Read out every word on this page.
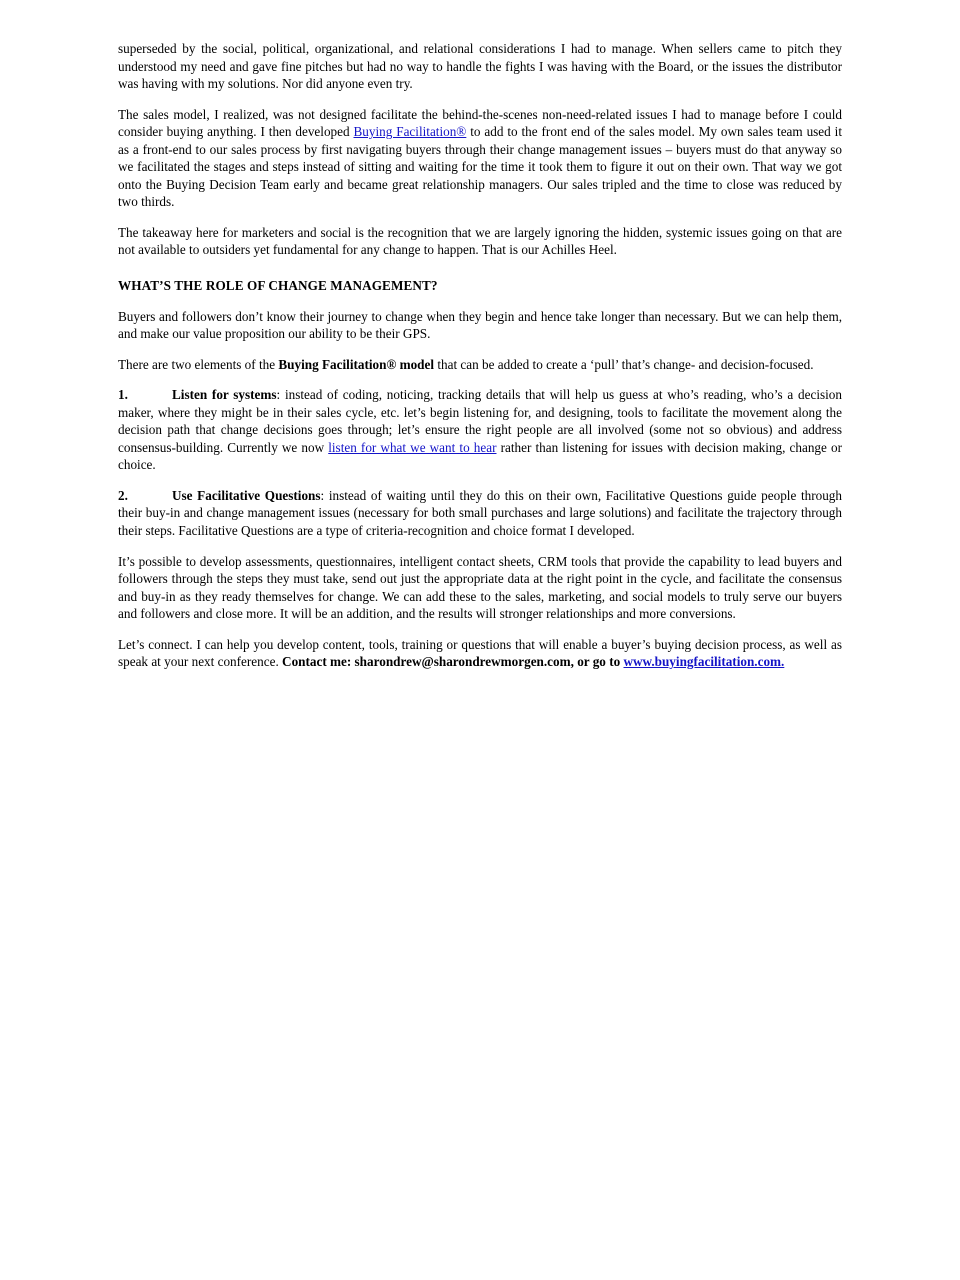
superseded by the social, political, organizational, and relational considerations I had to manage. When sellers came to pitch they understood my need and gave fine pitches but had no way to handle the fights I was having with the Board, or the issues the distributor was having with my solutions. Nor did anyone even try.

The sales model, I realized, was not designed facilitate the behind-the-scenes non-need-related issues I had to manage before I could consider buying anything. I then developed Buying Facilitation® to add to the front end of the sales model. My own sales team used it as a front-end to our sales process by first navigating buyers through their change management issues – buyers must do that anyway so we facilitated the stages and steps instead of sitting and waiting for the time it took them to figure it out on their own. That way we got onto the Buying Decision Team early and became great relationship managers. Our sales tripled and the time to close was reduced by two thirds.

The takeaway here for marketers and social is the recognition that we are largely ignoring the hidden, systemic issues going on that are not available to outsiders yet fundamental for any change to happen. That is our Achilles Heel.

WHAT’S THE ROLE OF CHANGE MANAGEMENT?

Buyers and followers don’t know their journey to change when they begin and hence take longer than necessary. But we can help them, and make our value proposition our ability to be their GPS.

There are two elements of the Buying Facilitation® model that can be added to create a ‘pull’ that’s change- and decision-focused.

1.	Listen for systems: instead of coding, noticing, tracking details that will help us guess at who’s reading, who’s a decision maker, where they might be in their sales cycle, etc. let’s begin listening for, and designing, tools to facilitate the movement along the decision path that change decisions goes through; let’s ensure the right people are all involved (some not so obvious) and address consensus-building. Currently we now listen for what we want to hear rather than listening for issues with decision making, change or choice.

2.	Use Facilitative Questions: instead of waiting until they do this on their own, Facilitative Questions guide people through their buy-in and change management issues (necessary for both small purchases and large solutions) and facilitate the trajectory through their steps. Facilitative Questions are a type of criteria-recognition and choice format I developed.

It’s possible to develop assessments, questionnaires, intelligent contact sheets, CRM tools that provide the capability to lead buyers and followers through the steps they must take, send out just the appropriate data at the right point in the cycle, and facilitate the consensus and buy-in as they ready themselves for change. We can add these to the sales, marketing, and social models to truly serve our buyers and followers and close more. It will be an addition, and the results will stronger relationships and more conversions.

Let’s connect. I can help you develop content, tools, training or questions that will enable a buyer’s buying decision process, as well as speak at your next conference. Contact me: sharondrew@sharondrewmorgen.com, or go to www.buyingfacilitation.com.
